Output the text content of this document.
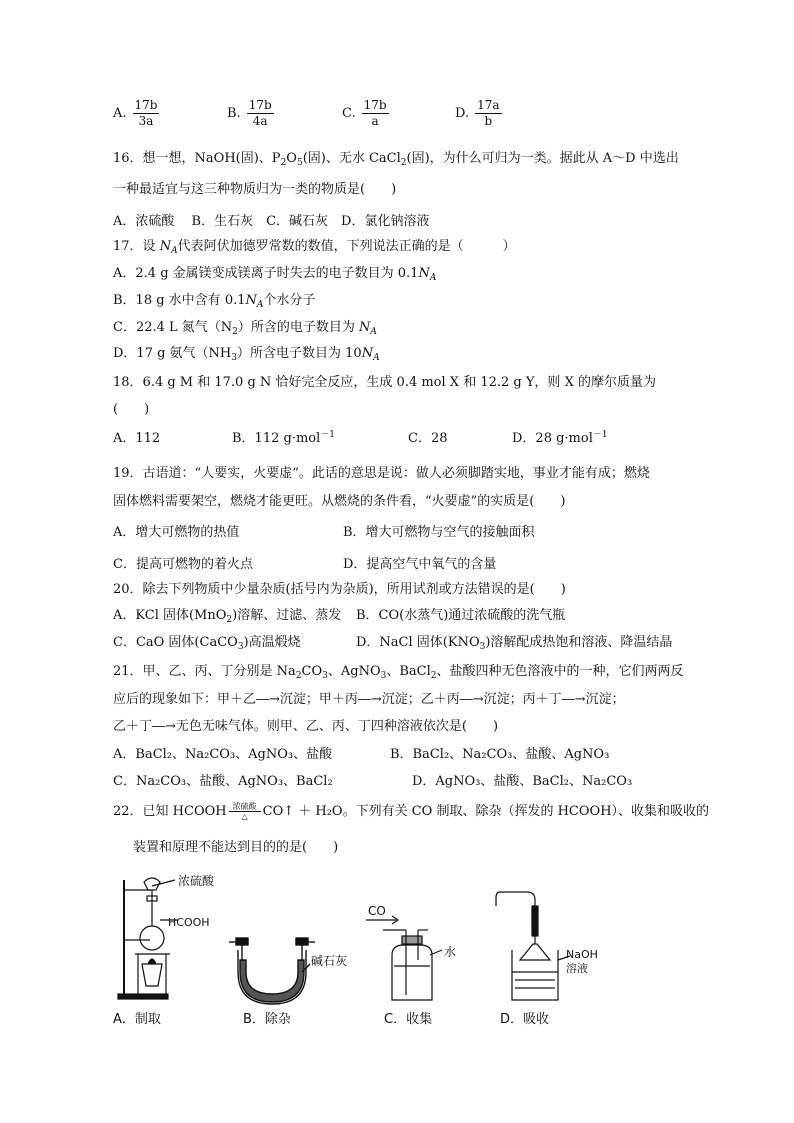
A. $\frac{17b}{3a}$	B. $\frac{17b}{4a}$	C. $\frac{17b}{a}$	D. $\frac{17a}{b}$
16．想一想，NaOH(固)、$P_2O_5$(固)、无水 CaCl$_2$(固)，为什么可归为一类。据此从 A～D 中选出
一种最适宜与这三种物质归为一类的物质是(　　)
A．浓硫酸　 B．生石灰　C．碱石灰　D．氯化钠溶液
17．设 $N_A$代表阿伏加德罗常数的数值，下列说法正确的是（　　　）
A．2.4 g 金属镁变成镁离子时失去的电子数目为 $0.1N_A$
B．18 g 水中含有 $0.1N_A$个水分子
C．22.4 L 氮气$(N_2)$所含的电子数目为 $N_A$
D．17 g 氨气$(NH_3)$所含电子数目为 $10N_A$
18．6.4 g M 和 17.0 g N 恰好完全反应，生成 0.4 mol X 和 12.2 g Y，则 X 的摩尔质量为
(　　)
A．112	B．112 g·mol$^{-1}$	C．28	D．28 g·mol$^{-1}$
19．古语道：“人要实，火要虚”。此话的意思是说：做人必须脚踏实地，事业才能有成；燃烧
固体燃料需要架空，燃烧才能更旺。从燃烧的条件看，“火要虚”的实质是(　　)
A．增大可燃物的热值	B．增大可燃物与空气的接触面积
C．提高可燃物的着火点	D．提高空气中氧气的含量
20．除去下列物质中少量杂质(括号内为杂质)，所用试剂或方法错误的是(　　)
A．KCl 固体(MnO$_2$)溶解、过滤、蒸发 B．CO(水蒸气)通过浓硫酸的洗气瓶
C．CaO 固体(CaCO$_3$)高温煅烧	D．NaCl 固体$(KNO_3)$溶解配成热饱和溶液、降温结晶
21．甲、乙、丙、丁分别是 $Na_2CO_3$、AgNO$_3$、BaCl$_2$、盐酸四种无色溶液中的一种，它们两两反
应后的现象如下：甲＋乙―→沉淀；甲＋丙―→沉淀；乙＋丙―→沉淀；丙＋丁―→沉淀；
乙＋丁―→无色无味气体。则甲、乙、丙、丁四种溶液依次是(　　)
A．BaCl₂、Na₂CO₃、AgNO₃、盐酸	B．BaCl₂、Na₂CO₃、盐酸、AgNO₃
C．Na₂CO₃、盐酸、AgNO₃、BaCl₂	D．AgNO₃、盐酸、BaCl₂、Na₂CO₃
22．已知 HCOOH 浓硫酸
△ CO↑ ＋ H₂O。下列有关 CO 制取、除杂（挥发的 HCOOH）、收集和吸收的
装置和原理不能达到目的的是(　　)
浓硫酸
HCOOH
A．制取
碱石灰
B．除杂
CO
水
C．收集
NaOH
溶液
D．吸收
